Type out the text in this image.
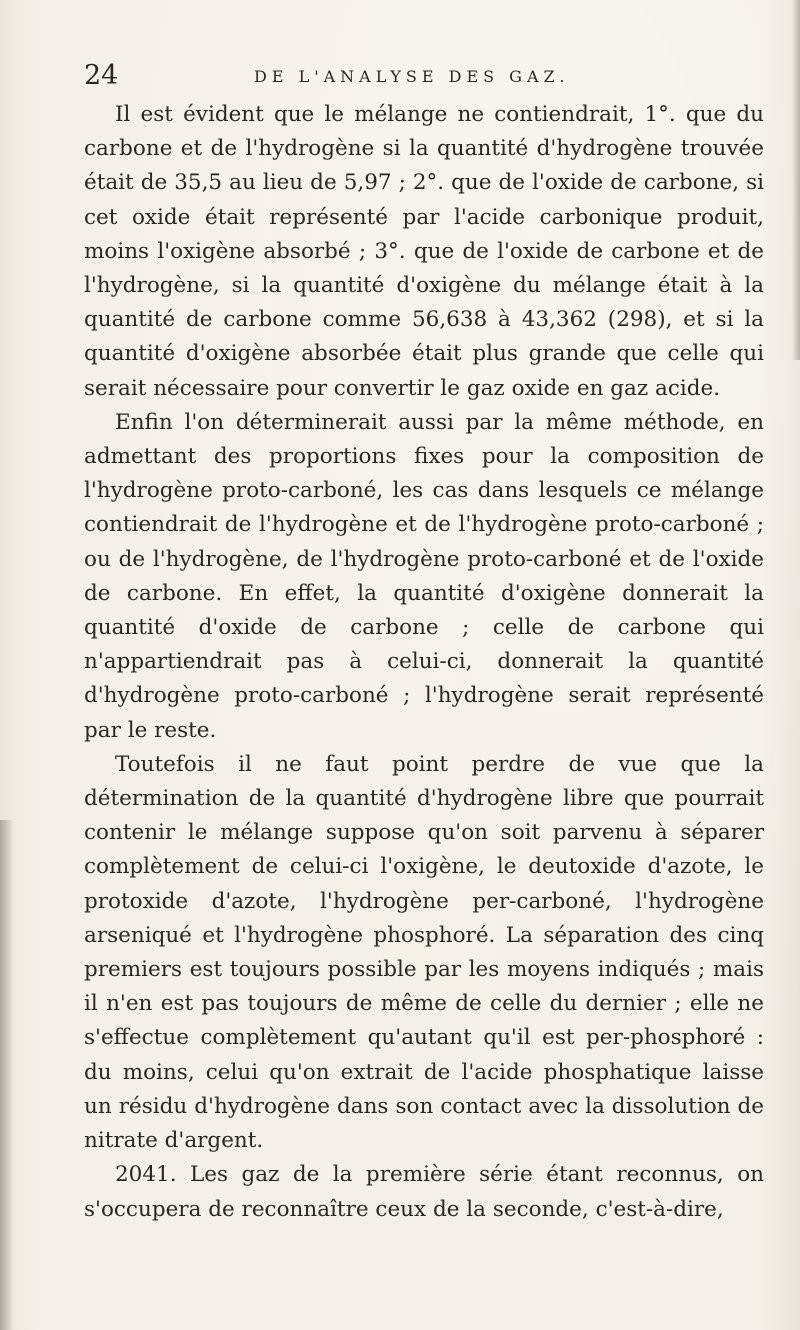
24	DE L'ANALYSE DES GAZ.

Il est évident que le mélange ne contiendrait, 1°. que du carbone et de l'hydrogène si la quantité d'hydrogène trouvée était de 35,5 au lieu de 5,97 ; 2°. que de l'oxide de carbone, si cet oxide était représenté par l'acide carbonique produit, moins l'oxigène absorbé ; 3°. que de l'oxide de carbone et de l'hydrogène, si la quantité d'oxigène du mélange était à la quantité de carbone comme 56,638 à 43,362 (298), et si la quantité d'oxigène absorbée était plus grande que celle qui serait nécessaire pour convertir le gaz oxide en gaz acide.

Enfin l'on déterminerait aussi par la même méthode, en admettant des proportions fixes pour la composition de l'hydrogène proto-carboné, les cas dans lesquels ce mélange contiendrait de l'hydrogène et de l'hydrogène proto-carboné ; ou de l'hydrogène, de l'hydrogène proto-carboné et de l'oxide de carbone. En effet, la quantité d'oxigène donnerait la quantité d'oxide de carbone ; celle de carbone qui n'appartiendrait pas à celui-ci, donnerait la quantité d'hydrogène proto-carboné ; l'hydrogène serait représenté par le reste.

Toutefois il ne faut point perdre de vue que la détermination de la quantité d'hydrogène libre que pourrait contenir le mélange suppose qu'on soit parvenu à séparer complètement de celui-ci l'oxigène, le deutoxide d'azote, le protoxide d'azote, l'hydrogène per-carboné, l'hydrogène arseniqué et l'hydrogène phosphoré. La séparation des cinq premiers est toujours possible par les moyens indiqués ; mais il n'en est pas toujours de même de celle du dernier ; elle ne s'effectue complètement qu'autant qu'il est per-phosphoré : du moins, celui qu'on extrait de l'acide phosphatique laisse un résidu d'hydrogène dans son contact avec la dissolution de nitrate d'argent.

2041. Les gaz de la première série étant reconnus, on s'occupera de reconnaître ceux de la seconde, c'est-à-dire,
